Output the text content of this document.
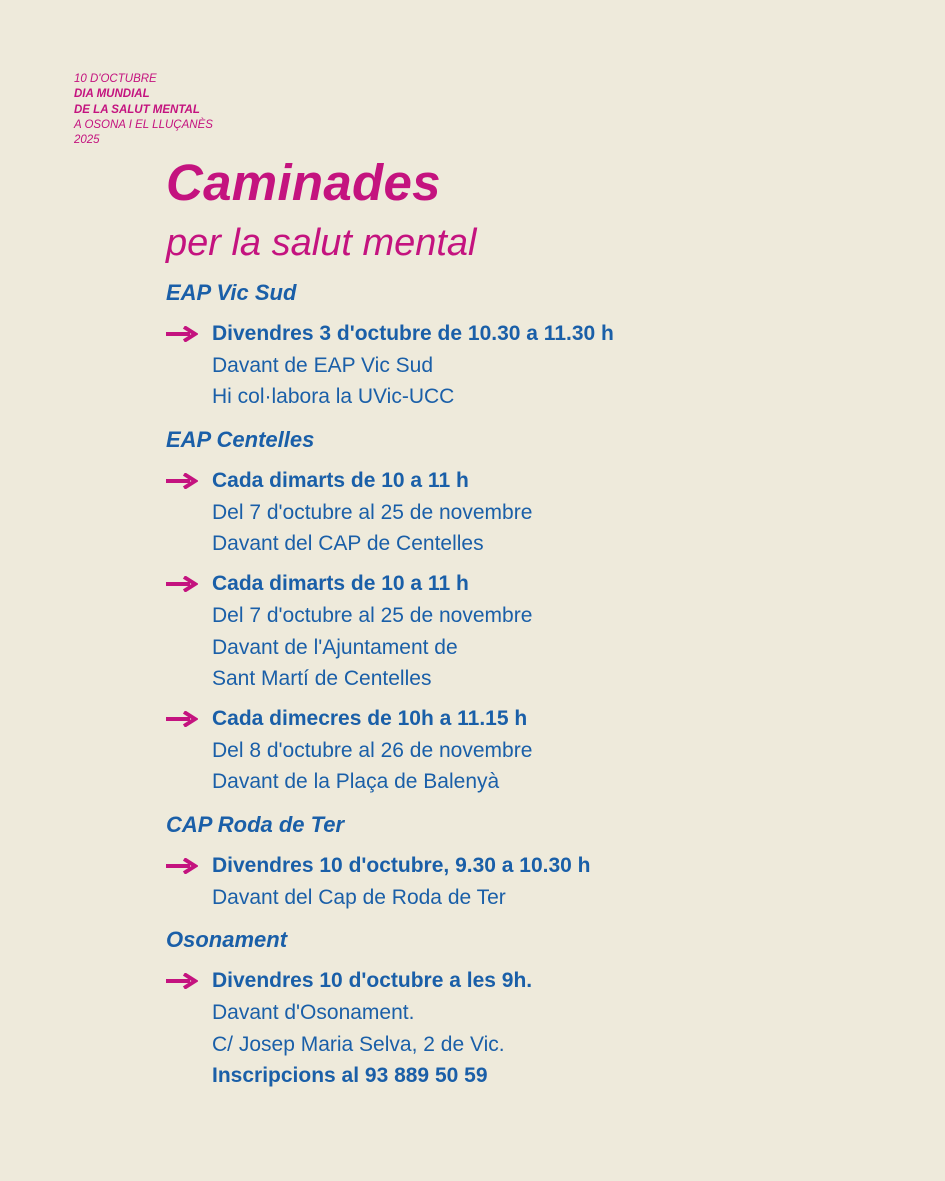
10 D'OCTUBRE
DIA MUNDIAL
DE LA SALUT MENTAL
A OSONA I EL LLUÇANÈS
2025
Caminades
per la salut mental
EAP Vic Sud
Divendres 3 d'octubre de 10.30 a 11.30 h
Davant de EAP Vic Sud
Hi col·labora la UVic-UCC
EAP Centelles
Cada dimarts de 10 a 11 h
Del 7 d'octubre al 25 de novembre
Davant del CAP de Centelles
Cada dimarts de 10 a 11 h
Del 7 d'octubre al 25 de novembre
Davant de l'Ajuntament de
Sant Martí de Centelles
Cada dimecres de 10h a 11.15 h
Del 8 d'octubre al 26 de novembre
Davant de la Plaça de Balenyà
CAP Roda de Ter
Divendres 10 d'octubre, 9.30 a 10.30 h
Davant del Cap de Roda de Ter
Osonament
Divendres 10 d'octubre a les 9h.
Davant d'Osonament.
C/ Josep Maria Selva, 2 de Vic.
Inscripcions al 93 889 50 59
